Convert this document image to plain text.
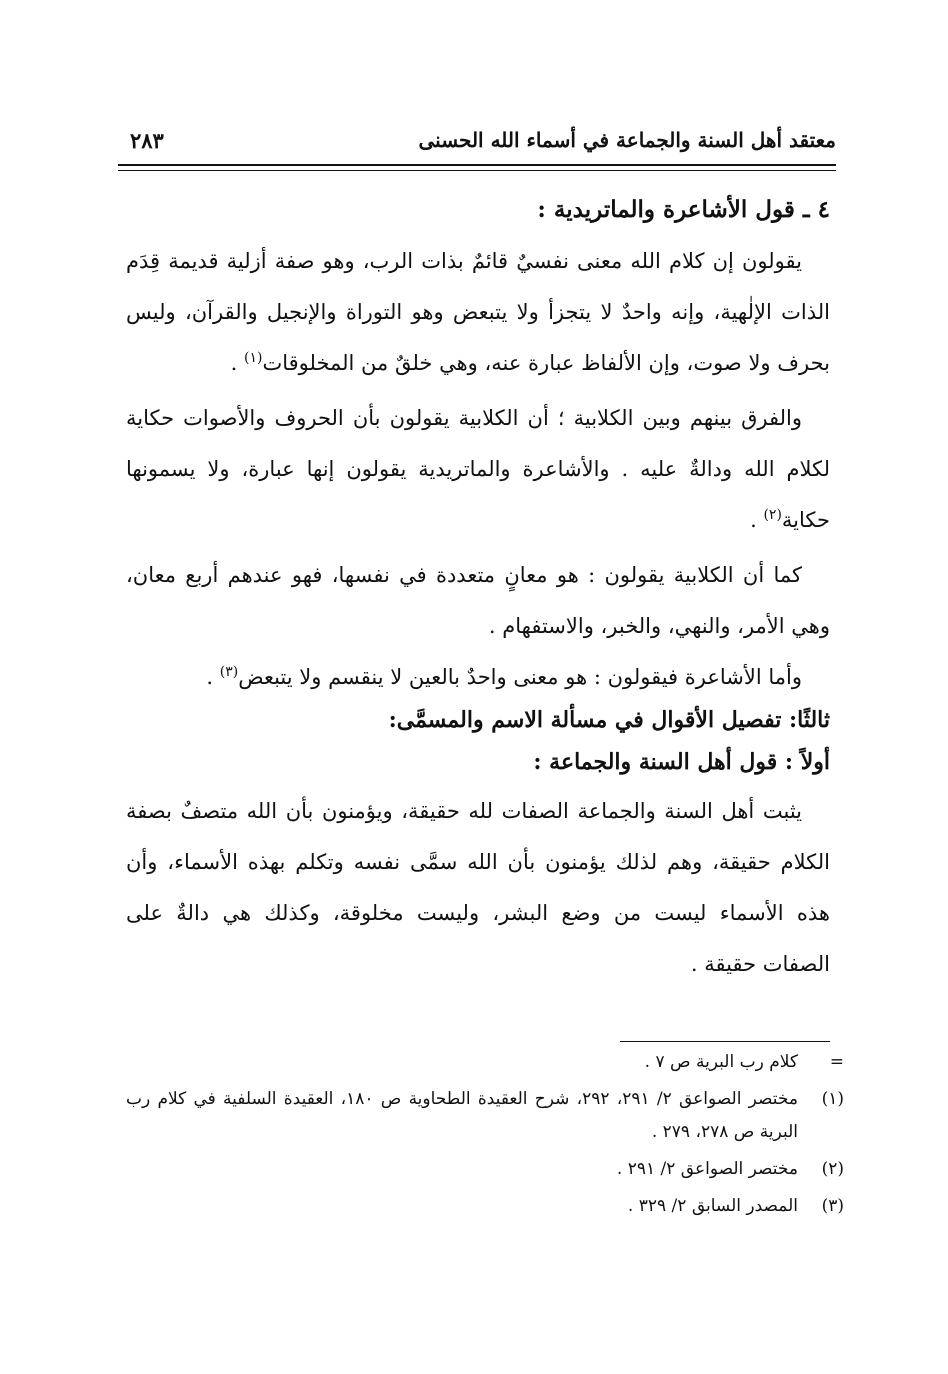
معتقد أهل السنة والجماعة في أسماء الله الحسنى
٢٨٣
٤ ـ قول الأشاعرة والماتريدية :

يقولون إن كلام الله معنى نفسيٌ قائمٌ بذات الرب، وهو صفة أزلية قديمة قِدَم الذات الإلٰهية، وإنه واحدٌ لا يتجزأ ولا يتبعض وهو التوراة والإنجيل والقرآن، وليس بحرف ولا صوت، وإن الألفاظ عبارة عنه، وهي خلقٌ من المخلوقات$^{(١)}$ .

والفرق بينهم وبين الكلابية ؛ أن الكلابية يقولون بأن الحروف والأصوات حكاية لكلام الله ودالةٌ عليه . والأشاعرة والماتريدية يقولون إنها عبارة، ولا يسمونها حكاية$^{(٢)}$ .

كما أن الكلابية يقولون : هو معانٍ متعددة في نفسها، فهو عندهم أربع معان، وهي الأمر، والنهي، والخبر، والاستفهام .

وأما الأشاعرة فيقولون : هو معنى واحدٌ بالعين لا ينقسم ولا يتبعض$^{(٣)}$ .

ثالثًا: تفصيل الأقوال في مسألة الاسم والمسمَّى:
أولاً : قول أهل السنة والجماعة :

يثبت أهل السنة والجماعة الصفات لله حقيقة، ويؤمنون بأن الله متصفٌ بصفة الكلام حقيقة، وهم لذلك يؤمنون بأن الله سمَّى نفسه وتكلم بهذه الأسماء، وأن هذه الأسماء ليست من وضع البشر، وليست مخلوقة، وكذلك هي دالةٌ على الصفات حقيقة .

=
كلام رب البرية ص ٧ .
(١)
مختصر الصواعق ٢/ ٢٩١، ٢٩٢، شرح العقيدة الطحاوية ص ١٨٠، العقيدة السلفية في كلام رب البرية ص ٢٧٨، ٢٧٩ .
(٢)
مختصر الصواعق ٢/ ٢٩١ .
(٣)
المصدر السابق ٢/ ٣٢٩ .
